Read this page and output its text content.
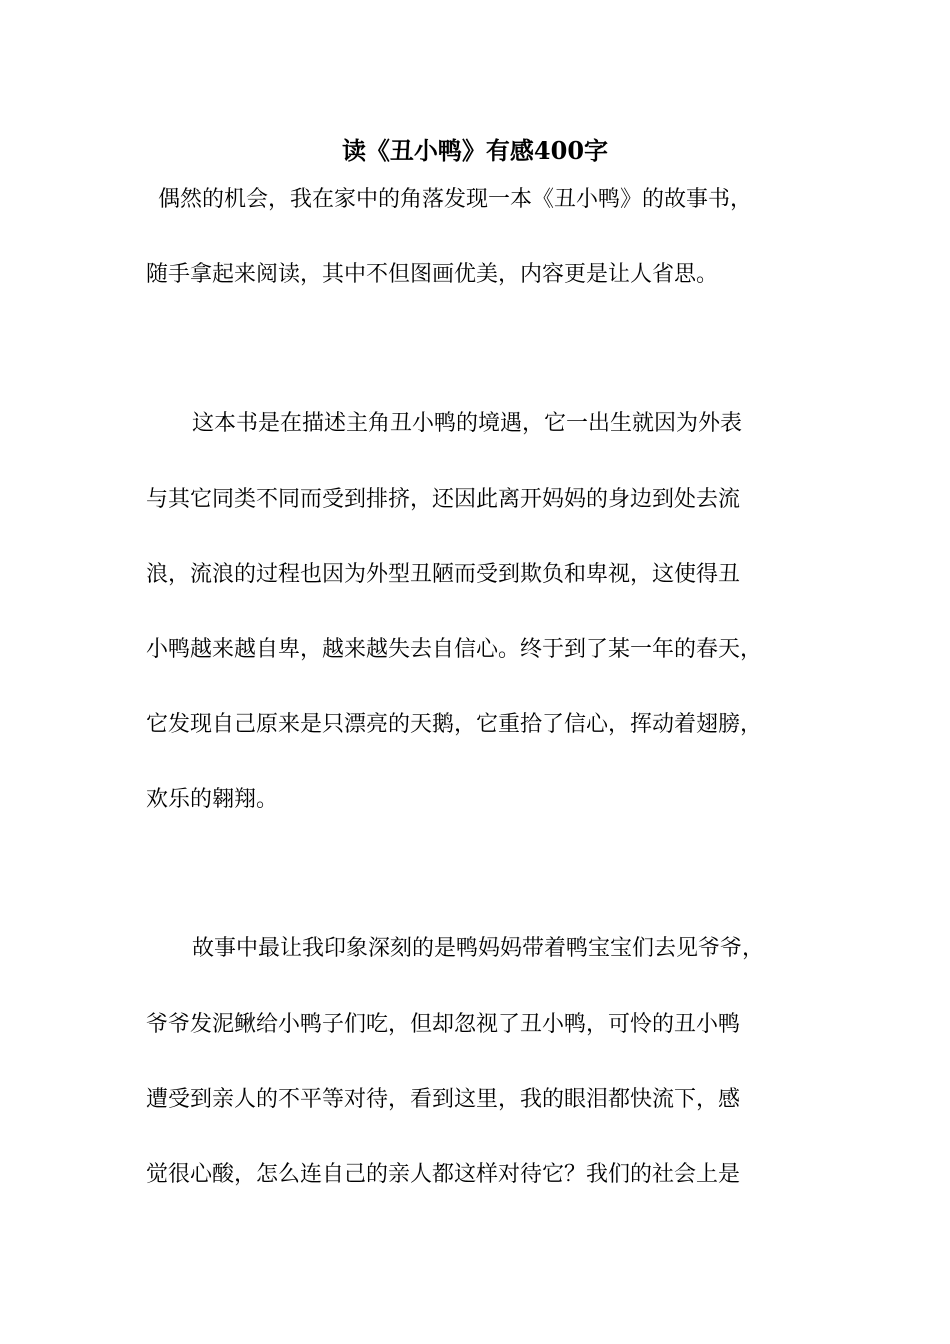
读《丑小鸭》有感400字
偶然的机会，我在家中的角落发现一本《丑小鸭》的故事书，
随手拿起来阅读，其中不但图画优美，内容更是让人省思。
这本书是在描述主角丑小鸭的境遇，它一出生就因为外表
与其它同类不同而受到排挤，还因此离开妈妈的身边到处去流
浪，流浪的过程也因为外型丑陋而受到欺负和卑视，这使得丑
小鸭越来越自卑，越来越失去自信心。终于到了某一年的春天，
它发现自己原来是只漂亮的天鹅，它重拾了信心，挥动着翅膀，
欢乐的翱翔。
故事中最让我印象深刻的是鸭妈妈带着鸭宝宝们去见爷爷，
爷爷发泥鳅给小鸭子们吃，但却忽视了丑小鸭，可怜的丑小鸭
遭受到亲人的不平等对待，看到这里，我的眼泪都快流下，感
觉很心酸，怎么连自己的亲人都这样对待它？我们的社会上是
